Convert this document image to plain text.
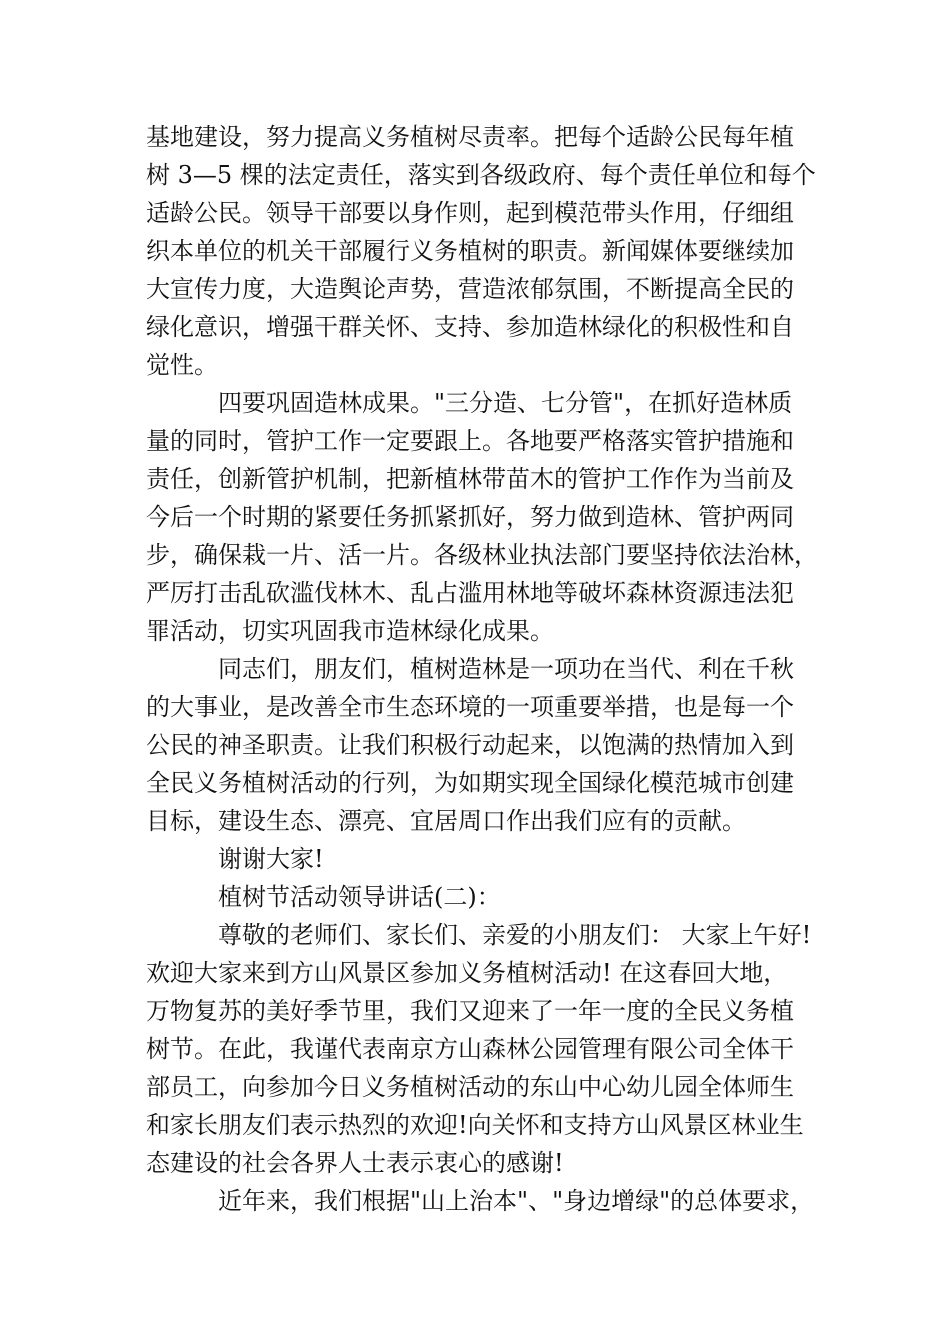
基地建设，努力提高义务植树尽责率。把每个适龄公民每年植
树 3—5 棵的法定责任，落实到各级政府、每个责任单位和每个
适龄公民。领导干部要以身作则，起到模范带头作用，仔细组
织本单位的机关干部履行义务植树的职责。新闻媒体要继续加
大宣传力度，大造舆论声势，营造浓郁氛围，不断提高全民的
绿化意识，增强干群关怀、支持、参加造林绿化的积极性和自
觉性。
四要巩固造林成果。"三分造、七分管"，在抓好造林质
量的同时，管护工作一定要跟上。各地要严格落实管护措施和
责任，创新管护机制，把新植林带苗木的管护工作作为当前及
今后一个时期的紧要任务抓紧抓好，努力做到造林、管护两同
步，确保栽一片、活一片。各级林业执法部门要坚持依法治林，
严厉打击乱砍滥伐林木、乱占滥用林地等破坏森林资源违法犯
罪活动，切实巩固我市造林绿化成果。
同志们，朋友们，植树造林是一项功在当代、利在千秋
的大事业，是改善全市生态环境的一项重要举措，也是每一个
公民的神圣职责。让我们积极行动起来，以饱满的热情加入到
全民义务植树活动的行列，为如期实现全国绿化模范城市创建
目标，建设生态、漂亮、宜居周口作出我们应有的贡献。
谢谢大家!
植树节活动领导讲话(二)：
尊敬的老师们、家长们、亲爱的小朋友们： 大家上午好!
欢迎大家来到方山风景区参加义务植树活动! 在这春回大地，
万物复苏的美好季节里，我们又迎来了一年一度的全民义务植
树节。在此，我谨代表南京方山森林公园管理有限公司全体干
部员工，向参加今日义务植树活动的东山中心幼儿园全体师生
和家长朋友们表示热烈的欢迎!向关怀和支持方山风景区林业生
态建设的社会各界人士表示衷心的感谢!
近年来，我们根据"山上治本"、"身边增绿"的总体要求，
